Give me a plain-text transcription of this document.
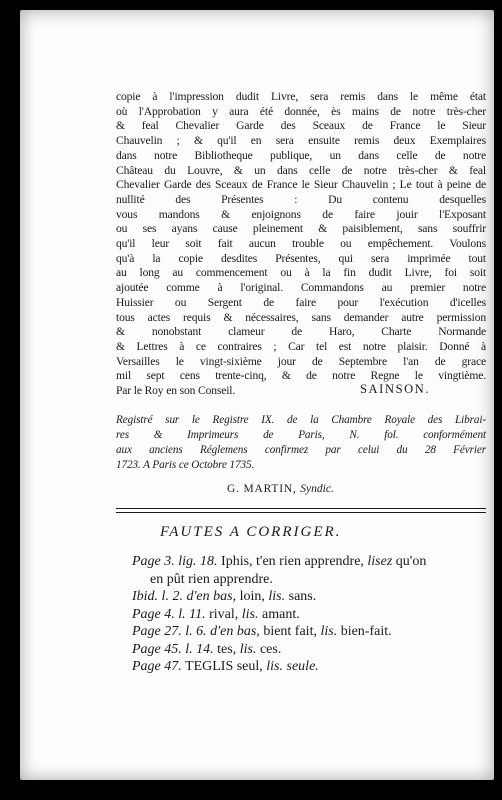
copie à l'impression dudit Livre, sera remis dans le même état
où l'Approbation y aura été donnée, ès mains de notre très-cher
& feal Chevalier Garde des Sceaux de France le Sieur
Chauvelin ; & qu'il en sera ensuite remis deux Exemplaires
dans notre Bibliotheque publique, un dans celle de notre
Château du Louvre, & un dans celle de notre très-cher & feal
Chevalier Garde des Sceaux de France le Sieur Chauvelin ; Le tout à peine de nullité des Présentes : Du contenu desquelles
vous mandons & enjoignons de faire jouir l'Exposant
ou ses ayans cause pleinement & paisiblement, sans souffrir
qu'il leur soit fait aucun trouble ou empêchement. Voulons
qu'à la copie desdites Présentes, qui sera imprimée tout
au long au commencement ou à la fin dudit Livre, foi soit
ajoutée comme à l'original. Commandons au premier notre
Huissier ou Sergent de faire pour l'exécution d'icelles
tous actes requis & nécessaires, sans demander autre permission
& nonobstant clameur de Haro, Charte Normande
& Lettres à ce contraires ; Car tel est notre plaisir. Donné à
Versailles le vingt-sixième jour de Septembre l'an de grace
mil sept cens trente-cinq, & de notre Regne le vingtième.
Par le Roy en son Conseil.	SAINSON.
Registré sur le Registre IX. de la Chambre Royale des Librai-
res & Imprimeurs de Paris, N. fol. conformément
aux anciens Réglemens confirmez par celui du 28 Février
1723. A Paris ce Octobre 1735.
G. MARTIN, Syndic.
FAUTES A CORRIGER.
Page 3. lig. 18. Iphis, t'en rien apprendre, lisez qu'on
en pût rien apprendre.
Ibid. l. 2. d'en bas, loin, lis. sans.
Page 4. l. 11. rival, lis. amant.
Page 27. l. 6. d'en bas, bient fait, lis. bien-fait.
Page 45. l. 14. tes, lis. ces.
Page 47. TEGLIS seul, lis. seule.
